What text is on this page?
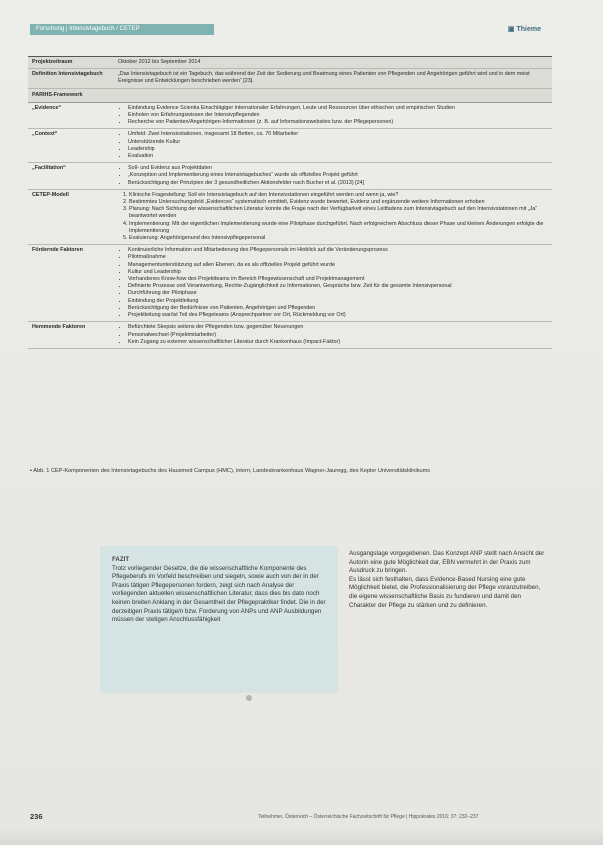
Forschung | Intensivtagebuch / CETEP	▣ Thieme
Projektzeitraum	Oktober 2012 bis September 2014
Definition Intensivtagebuch	„Das Intensivtagebuch ist ein Tagebuch, das während der Zeit der Sedierung und Beatmung eines Patienten von Pflegenden und Angehörigen geführt wird und in dem meist Ereignisse und Entwicklungen beschrieben werden“ [23].
PARIHS-Framework
„Evidence“	• Einbindung Evidence Scientia Einschlägiger internationaler Erfahrungen, Leute und Ressourcen über ethischen und empirischen Studien
• Einholen von Erfahrungswissen der Intensivpflegenden
• Recherche von Patienten/Angehörigen-Informationen (z. B. auf Informationswebsites bzw. der Pflegepersonen)
„Context“	• Umfeld: Zwei Intensivstationen, insgesamt 18 Betten, ca. 70 Mitarbeiter
• Unterstützende Kultur
• Leadership
• Evaluation
„Facilitation“	• Soll- und Evidenz aus Projektdaten
• „Konzeption und Implementierung eines Intensivtagebuches“ wurde als offizielles Projekt geführt
• Berücksichtigung der Prinzipien der 3 gesundheitlichen Aktionsfelder nach Bucher et al. (2013) [24]
CETEP-Modell	1. Klinische Fragestellung: Soll ein Intensivtagebuch auf den Intensivstationen eingeführt werden und wenn ja, wie?
2. Bestimmtes Untersuchungsfeld „Evidences“ systematisch ermittelt, Evidenz wurde bewertet, Evidenz und ergänzende weitere Informationen erhoben
3. Planung: Nach Sichtung der wissenschaftlichen Literatur konnte die Frage nach der Verfügbarkeit eines Leitfadens zum Intensivtagebuch auf den Intensivstationen mit „Ja“ beantwortet werden
4. Implementierung: Mit der eigentlichen Implementierung wurde eine Pilotphase durchgeführt. Nach erfolgreichem Abschluss dieser Phase und kleinen Änderungen erfolgte die Implementierung
5. Evaluierung: Angehörigenund des Intensivpflegepersonal
Fördernde Faktoren	• Kontinuierliche Information und Mitarbeiterung des Pflegepersonals im Hinblick auf die Veränderungsprozess
• Pilotmaßnahme
• Managementunterstützung auf allen Ebenen, da es als offizielles Projekt geführt wurde
• Kultur und Leadership
• Vorhandenes Know-how des Projektteams im Bereich Pflegewissenschaft und Projektmanagement
• Definierte Prozesse und Verantwortung, Rechte-Zugänglichkeit zu Informationen, Gespräche bzw. Zeit für die gesamte Intensivpersonal
• Durchführung der Pilotphase
• Einbindung der Projektleitung
• Berücksichtigung der Bedürfnisse von Patienten, Angehörigen und Pflegenden
• Projektleitung war/ist Teil des Pflegeteams (Ansprechpartner vor Ort, Rückmeldung vor Ort)
Hemmende Faktoren	• Befürchtete Skepsis seitens der Pflegenden bzw. gegenüber Neuerungen
• Personalwechsel (Projektmitarbeiter)
• Kein Zugang zu externer wissenschaftlicher Literatur durch Krankenhaus (Impact-Faktor)
▪ Abb. 1 CEP-Komponenten des Intensivtagebuchs des Hausmed Campus (HMC), intern, Landeskrankenhaus Wagner-Jauregg, des Kepler Universitätsklinikums
FAZIT
Trotz vorliegender Gesetze, die die wissenschaftliche Komponente des Pflegeberufs im Vorfeld beschreiben und siegeln, sowie auch von der in der Praxis tätigen Pflegepersonen fordern, zeigt sich nach Analyse der vorliegenden aktuellen wissenschaftlichen Literatur, dass dies bis dato noch keinen breiten Anklang in der Gesamtheit der Pflegepraktiker findet. Die in der derzeitigen Praxis tätige/n bzw. Forderung von ANPs und ANP Ausbildungen müssen der stetigen Anschlussfähigkeit

Ausgangslage vorgegebenen. Das Konzept ANP stellt nach Ansicht der Autorin eine gute Möglichkeit dar, EBN vermehrt in der Praxis zum Ausdruck zu bringen.

Es lässt sich festhalten, dass Evidence-Based Nursing eine gute Möglichkeit bietet, die Professionalisierung der Pflege voranzutreiben, die eigene wissenschaftliche Basis zu fundieren und damit den Charakter der Pflege zu stärken und zu definieren.

236	Teilnehmer, Österreich – Österreichische Fachzeitschrift für Pflege | Hippokrates 2016; 37: 232–237
